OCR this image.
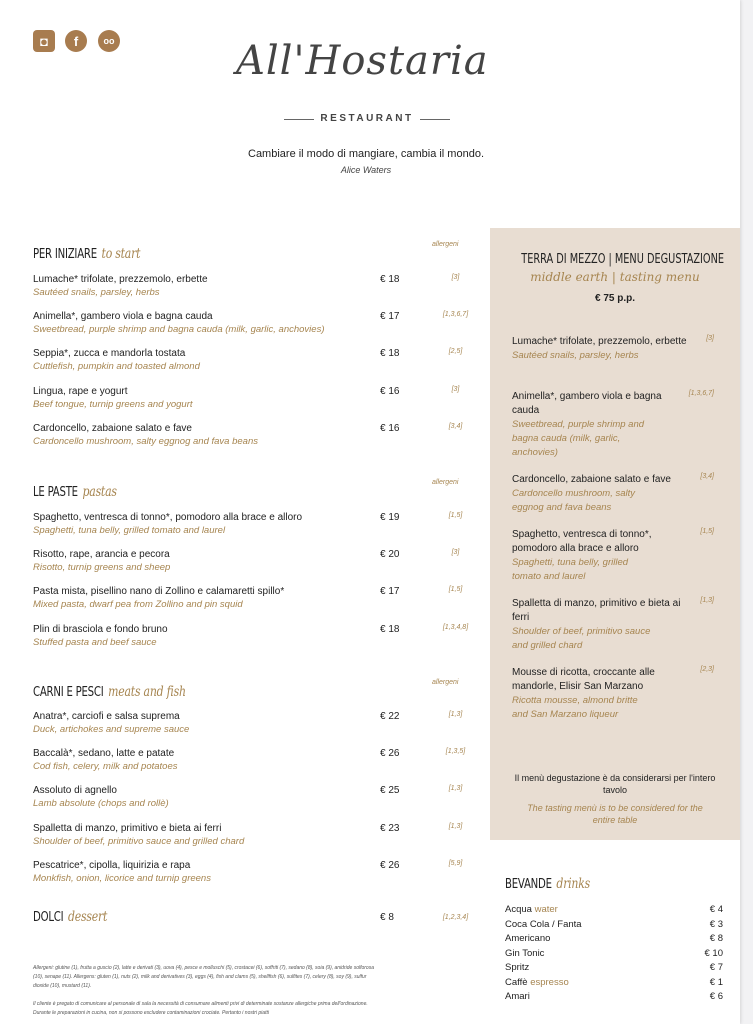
◘	f	oo	All'Hostaria
RESTAURANT
Cambiare il modo di mangiare, cambia il mondo.
Alice Waters
TERRA DI MEZZO | MENU DEGUSTAZIONE
middle earth | tasting menu
€ 75 p.p.
Il menù degustazione è da considerarsi per l'intero tavolo
The tasting menù is to be considered for the entire table
BEVANDE drinks
DOLCI dessert	€ 8	[1,2,3,4]
Allergeni: glutine (1), frutta a guscio (2), latte e derivati (3), uova (4), pesce e molluschi (5), crostacei (6), soffriti (7), sedano (8), soia (9), anidride solforosa (10), senape (11). Allergens: gluten (1), nuts (2), milk and derivatives (3), eggs (4), fish and clams (5), shellfish (6), sulfites (7), celery (8), soy (9), sulfur dioxide (10), mustard (11).
Il cliente è pregato di comunicare al personale di sala la necessità di consumare alimenti privi di determinate sostanze allergiche prima dell'ordinazione. Durante le preparazioni in cucina, non si possono escludere contaminazioni crociate. Pertanto i nostri piatti
PER INIZIARE to start
allergeni
Lumache* trifolate, prezzemolo, erbette
Sautéed snails, parsley, herbs
€ 18	[3]
Animella*, gambero viola e bagna cauda
Sweetbread, purple shrimp and bagna cauda (milk, garlic, anchovies)
€ 17	[1,3,6,7]
Seppia*, zucca e mandorla tostata
Cuttlefish, pumpkin and toasted almond
€ 18	[2,5]
Lingua, rape e yogurt
Beef tongue, turnip greens and yogurt
€ 16	[3]
Cardoncello, zabaione salato e fave
Cardoncello mushroom, salty eggnog and fava beans
€ 16	[3,4]
LE PASTE pastas
allergeni
Spaghetto, ventresca di tonno*, pomodoro alla brace e alloro
Spaghetti, tuna belly, grilled tomato and laurel
€ 19	[1,5]
Risotto, rape, arancia e pecora
Risotto, turnip greens and sheep
€ 20	[3]
Pasta mista, pisellino nano di Zollino e calamaretti spillo*
Mixed pasta, dwarf pea from Zollino and pin squid
€ 17	[1,5]
Plin di brasciola e fondo bruno
Stuffed pasta and beef sauce
€ 18	[1,3,4,8]
CARNI E PESCI meats and fish
allergeni
Anatra*, carciofi e salsa suprema
Duck, artichokes and supreme sauce
€ 22	[1,3]
Baccalà*, sedano, latte e patate
Cod fish, celery, milk and potatoes
€ 26	[1,3,5]
Assoluto di agnello
Lamb absolute (chops and rollè)
€ 25	[1,3]
Spalletta di manzo, primitivo e bieta ai ferri
Shoulder of beef, primitivo sauce and grilled chard
€ 23	[1,3]
Pescatrice*, cipolla, liquirizia e rapa
Monkfish, onion, licorice and turnip greens
€ 26	[5,9]
Lumache* trifolate, prezzemolo, erbette
Sautéed snails, parsley, herbs
[3]
Animella*, gambero viola e bagna cauda
Sweetbread, purple shrimp and bagna cauda (milk, garlic, anchovies)
[1,3,6,7]
Cardoncello, zabaione salato e fave
Cardoncello mushroom, salty eggnog and fava beans
[3,4]
Spaghetto, ventresca di tonno*, pomodoro alla brace e alloro
Spaghetti, tuna belly, grilled tomato and laurel
[1,5]
Spalletta di manzo, primitivo e bieta ai ferri
Shoulder of beef, primitivo sauce and grilled chard
[1,3]
Mousse di ricotta, croccante alle mandorle, Elisir San Marzano
Ricotta mousse, almond britte and San Marzano liqueur
[2,3]
Acqua water	€ 4
Coca Cola / Fanta	€ 3
Americano	€ 8
Gin Tonic	€ 10
Spritz	€ 7
Caffè espresso	€ 1
Amari	€ 6
